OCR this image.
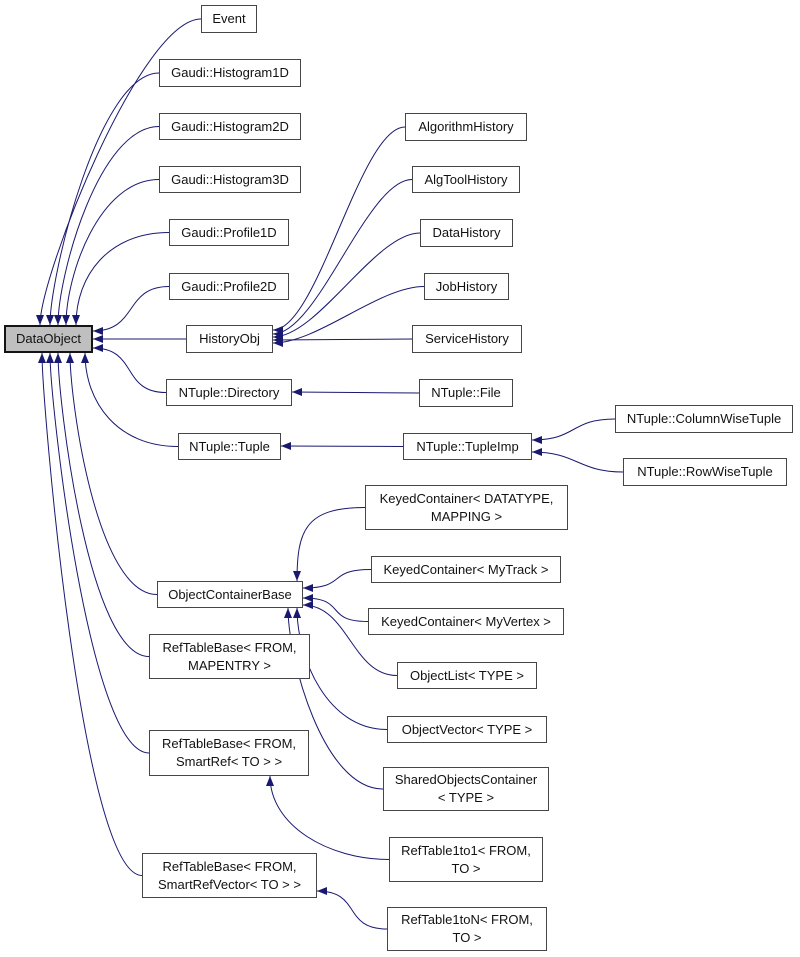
DataObject
Event
Gaudi::Histogram1D
Gaudi::Histogram2D
Gaudi::Histogram3D
Gaudi::Profile1D
Gaudi::Profile2D
HistoryObj
NTuple::Directory
NTuple::Tuple
ObjectContainerBase
RefTableBase< FROM,
MAPENTRY >
RefTableBase< FROM,
SmartRef< TO > >
RefTableBase< FROM,
SmartRefVector< TO > >
AlgorithmHistory
AlgToolHistory
DataHistory
JobHistory
ServiceHistory
NTuple::File
NTuple::TupleImp
KeyedContainer< DATATYPE,
MAPPING >
KeyedContainer< MyTrack >
KeyedContainer< MyVertex >
ObjectList< TYPE >
ObjectVector< TYPE >
SharedObjectsContainer
< TYPE >
RefTable1to1< FROM,
TO >
RefTable1toN< FROM,
TO >
NTuple::ColumnWiseTuple
NTuple::RowWiseTuple
